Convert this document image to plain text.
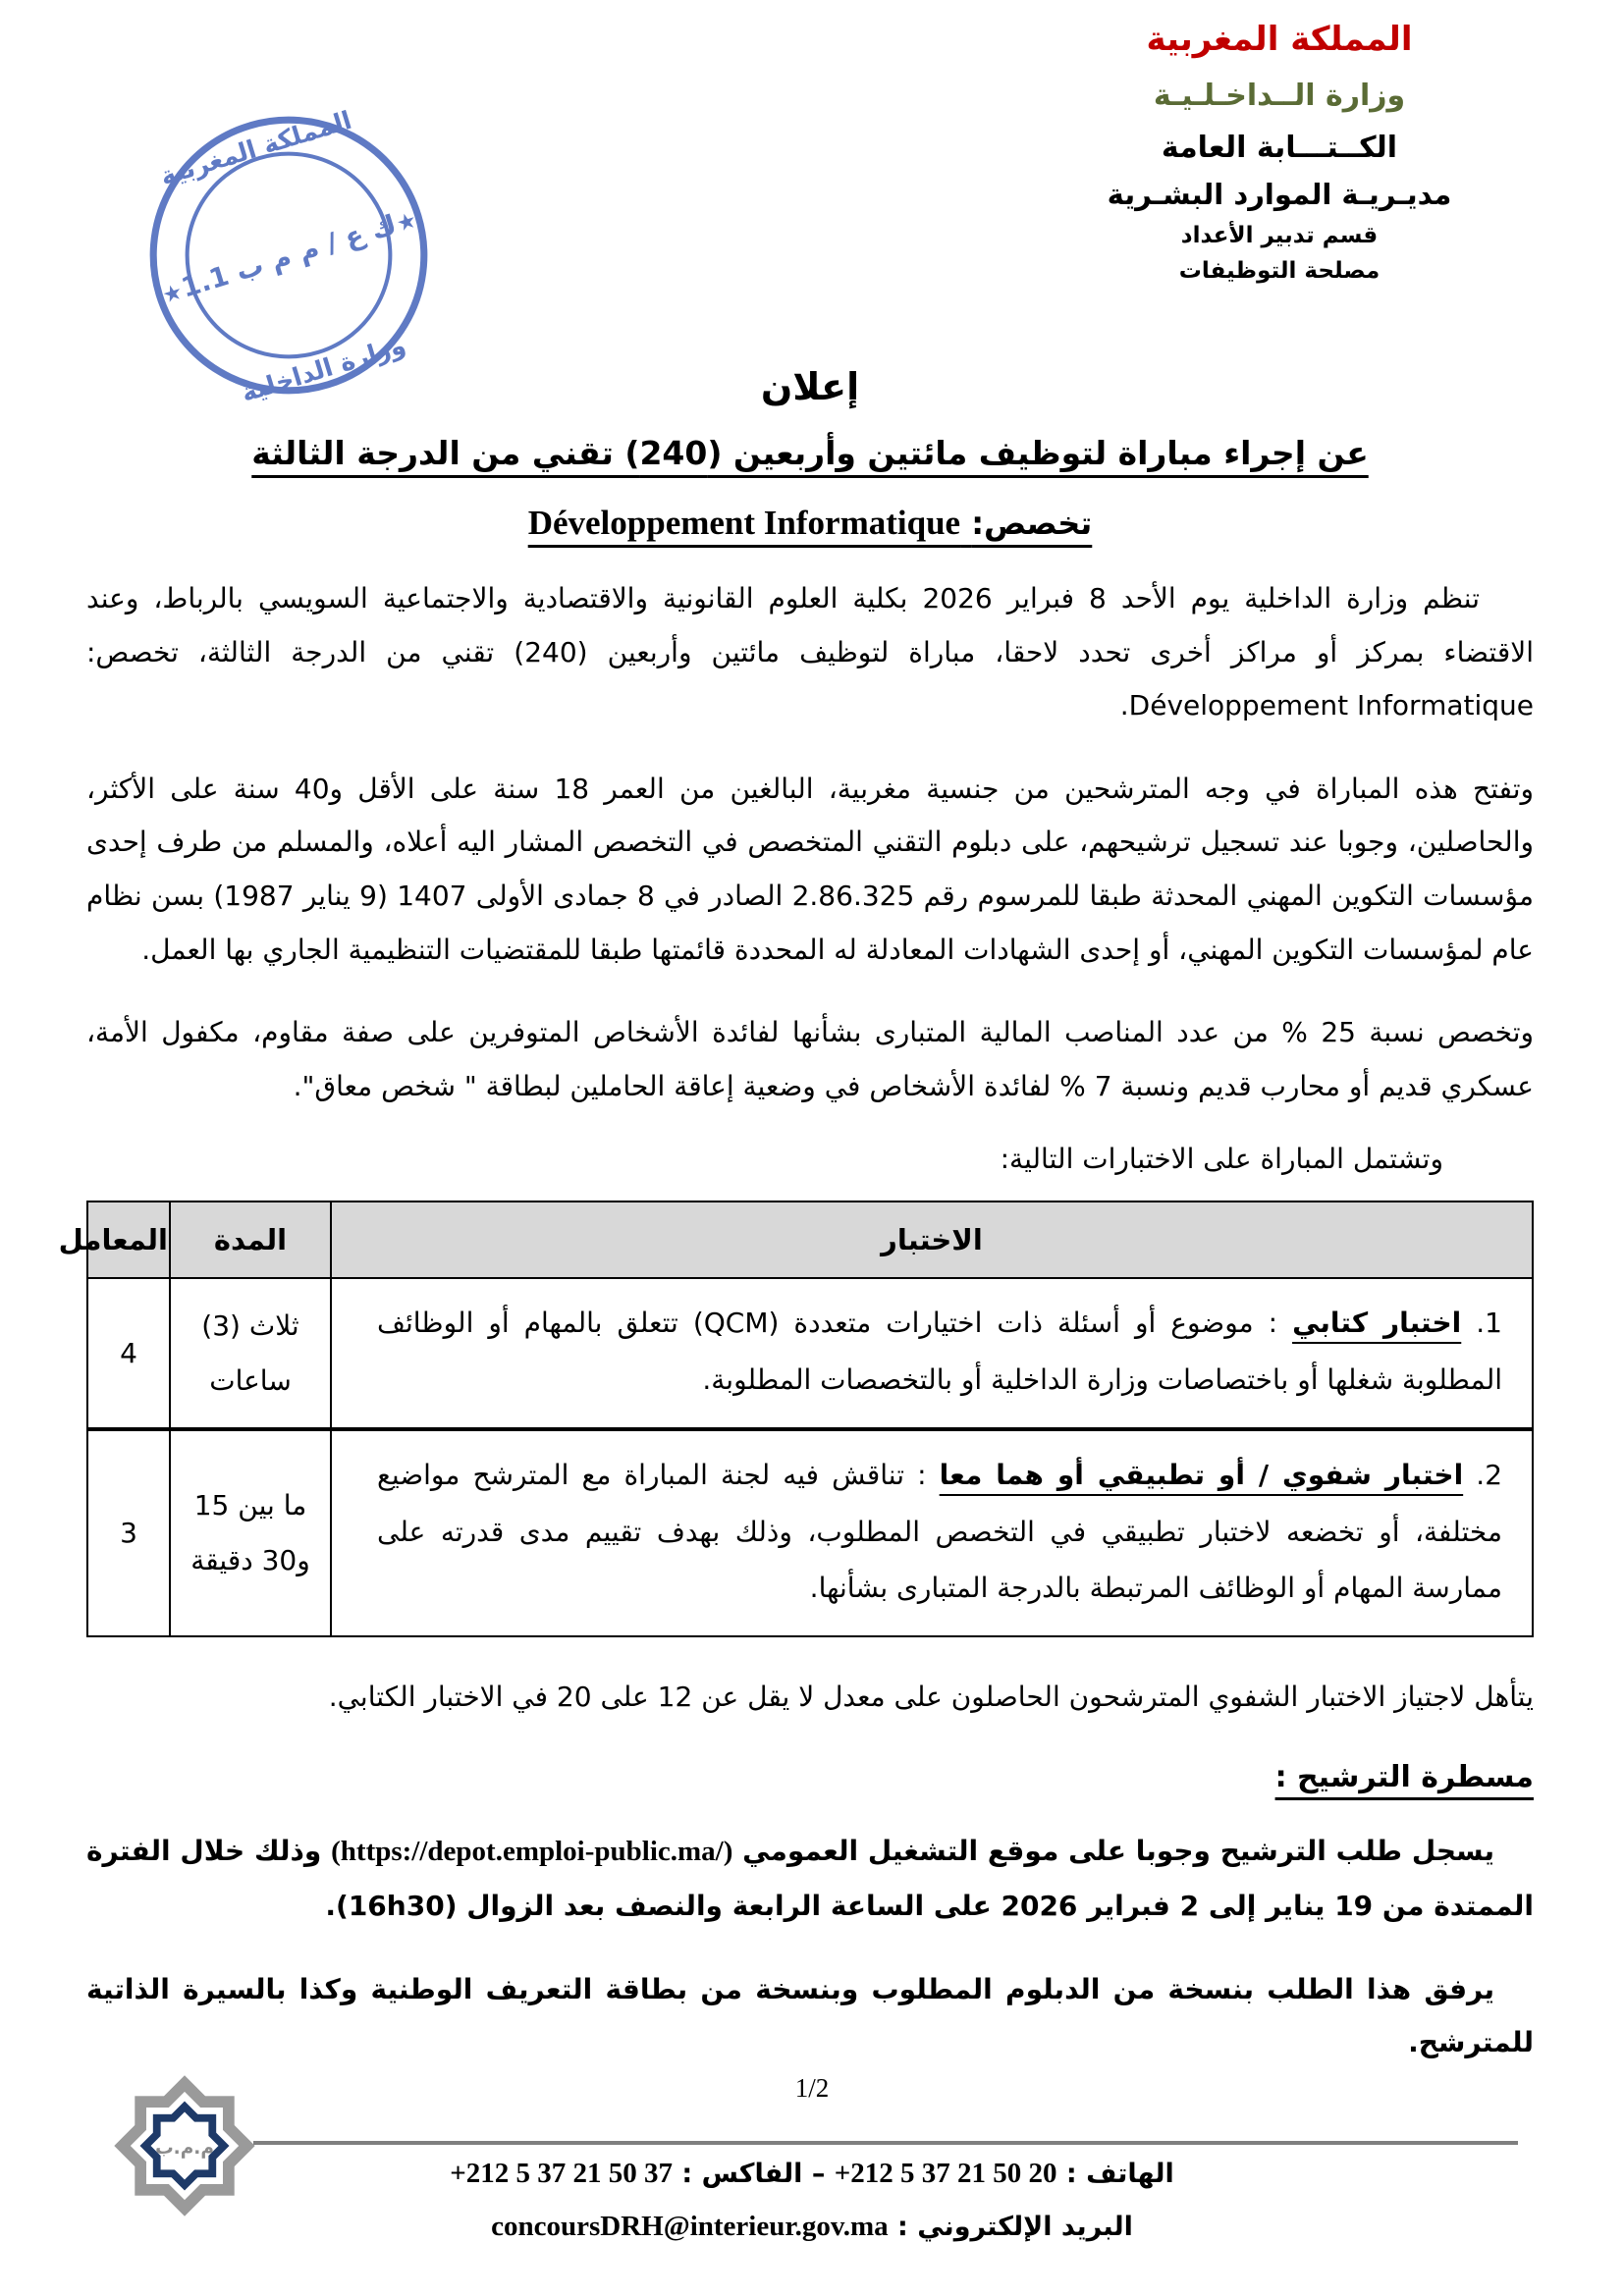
المملكة المغربية
وزارة الــداخـلـيـة
الكــتـــابة العامة
مديـريـة الموارد البشـرية
قسم تدبير الأعداد
مصلحة التوظيفات
المملكة المغربية
ك ع / م م ب 1.1
وزارة الداخلية
★
★
إعلان
عن إجراء مباراة لتوظيف مائتين وأربعين (240) تقني من الدرجة الثالثة
تخصص: Développement Informatique

تنظم وزارة الداخلية يوم الأحد 8 فبراير 2026 بكلية العلوم القانونية والاقتصادية والاجتماعية السويسي بالرباط، وعند الاقتضاء بمركز أو مراكز أخرى تحدد لاحقا، مباراة لتوظيف مائتين وأربعين (240) تقني من الدرجة الثالثة، تخصص: Développement Informatique.

وتفتح هذه المباراة في وجه المترشحين من جنسية مغربية، البالغين من العمر 18 سنة على الأقل و40 سنة على الأكثر، والحاصلين، وجوبا عند تسجيل ترشيحهم، على دبلوم التقني المتخصص في التخصص المشار اليه أعلاه، والمسلم من طرف إحدى مؤسسات التكوين المهني المحدثة طبقا للمرسوم رقم 2.86.325 الصادر في 8 جمادى الأولى 1407 (9 يناير 1987) بسن نظام عام لمؤسسات التكوين المهني، أو إحدى الشهادات المعادلة له المحددة قائمتها طبقا للمقتضيات التنظيمية الجاري بها العمل.

وتخصص نسبة 25 % من عدد المناصب المالية المتبارى بشأنها لفائدة الأشخاص المتوفرين على صفة مقاوم، مكفول الأمة، عسكري قديم أو محارب قديم ونسبة 7 % لفائدة الأشخاص في وضعية إعاقة الحاملين لبطاقة " شخص معاق".

وتشتمل المباراة على الاختبارات التالية:
الاختبار	المدة	المعامل
1. اختبار كتابي : موضوع أو أسئلة ذات اختيارات متعددة (QCM) تتعلق بالمهام أو الوظائف المطلوبة شغلها أو باختصاصات وزارة الداخلية أو بالتخصصات المطلوبة.	ثلاث (3) ساعات	4
2. اختبار شفوي / أو تطبيقي أو هما معا : تناقش فيه لجنة المباراة مع المترشح مواضيع مختلفة، أو تخضعه لاختبار تطبيقي في التخصص المطلوب، وذلك بهدف تقييم مدى قدرته على ممارسة المهام أو الوظائف المرتبطة بالدرجة المتبارى بشأنها.	ما بين 15 و30 دقيقة	3
يتأهل لاجتياز الاختبار الشفوي المترشحون الحاصلون على معدل لا يقل عن 12 على 20 في الاختبار الكتابي.
مسطرة الترشيح :

يسجل طلب الترشيح وجوبا على موقع التشغيل العمومي (https://depot.emploi-public.ma/) وذلك خلال الفترة الممتدة من 19 يناير إلى 2 فبراير 2026 على الساعة الرابعة والنصف بعد الزوال (16h30).

يرفق هذا الطلب بنسخة من الدبلوم المطلوب وبنسخة من بطاقة التعريف الوطنية وكذا بالسيرة الذاتية للمترشح.

1/2
م.م.ب
الهاتف : +212 5 37 21 50 20 – الفاكس : +212 5 37 21 50 37
البريد الإلكتروني : concoursDRH@interieur.gov.ma
